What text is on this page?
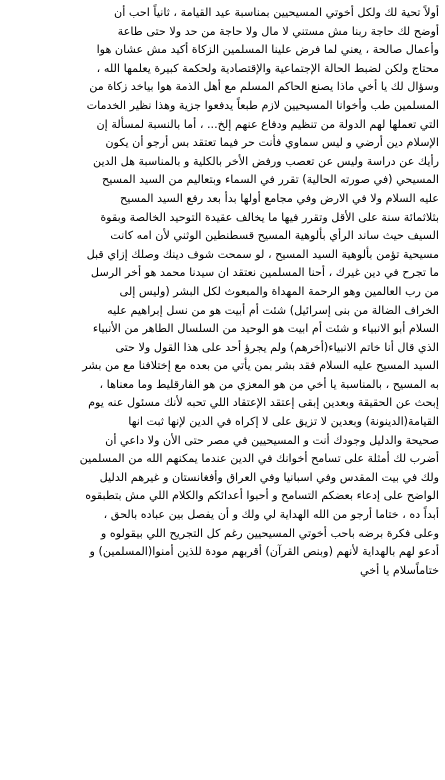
أولاً تحية لك ولكل أخوتي المسيحيين بمناسبة عيد القيامة ، ثانياً احب أن
أوضح لك حاجة ربنا مش مستني لا مال ولا حاجة من حد ولا حتى طاعة
وأعمال صالحة ، يعني لما فرض علينا المسلمين الزكاة أكيد مش عشان هوا
محتاج ولكن لضبط الحالة الإجتماعية والإقتصادية ولحكمة كبيرة يعلمها الله ،
وسؤال لك يا أخي ماذا يصنع الحاكم المسلم مع أهل الذمة هوا بياخد زكاة من
المسلمين طب وأخوانا المسيحيين لازم طبعاً يدفعوا جزية وهذا نظير الخدمات
التي تعملها لهم الدولة من تنظيم ودفاع عنهم إلخ... ، أما بالنسبة لمسألة إن
الإسلام دين أرضي و ليس سماوي فأنت حر فيما تعتقد بس أرجو أن يكون
رأيك عن دراسة وليس عن تعصب ورفض الأخر بالكلية و بالمناسبة هل الدين
المسيحي (في صورته الحالية) تقرر في السماء وبتعاليم من السيد المسيح
عليه السلام ولا في الارض وفي مجامع أولها بدأ بعد رفع السيد المسيح
بثلاثمائة سنة على الأقل وتقرر فيها ما يخالف عقيدة التوحيد الخالصة وبقوة
السيف حيث ساند الرأي بألوهية المسيح قسطنطين الوثني لأن امه كانت
مسيحية تؤمن بألوهية السيد المسيح ، لو سمحت شوف دينك وصلك إزاي قبل
ما تجرح في دين غيرك ، أحنا المسلمين نعتقد ان سيدنا محمد هو أخر الرسل
من رب العالمين وهو الرحمة المهداة والمبعوث لكل البشر (وليس إلى
الخراف الضالة من بنى إسرائيل) شئت أم أبيت هو من نسل إبراهيم عليه
السلام أبو الانبياء و شئت أم ابيت هو الوحيد من السلسال الطاهر من الأنبياء
الذي قال أنا خاتم الانبياء(أخرهم) ولم يجرؤ أحد على هذا القول ولا حتى
السيد المسيح عليه السلام فقد بشر بمن يأتي من بعده مع إختلافنا مع من بشر
به المسيح ، بالمناسبة يا أخي من هو المعزي من هو الفارقليط وما معناها ،
إبحث عن الحقيقة وبعدين إبقى إعتقد الإعتقاد اللي تحبه لأنك مسئول عنه يوم
القيامة(الدينونة) وبعدين لا تزيق على لا إكراه في الدين لإنها ثبت انها
صحيحة والدليل وجودك أنت و المسيحيين في مصر حتى الأن ولا داعي أن
أضرب لك أمثلة على تسامح أخوانك في الدين عندما يمكنهم الله من المسلمين
ولك في بيت المقدس وفي اسبانيا وفي العراق وأفغانستان و غيرهم الدليل
الواضح على إدعاء بعضكم التسامح و أحبوا أعدائكم والكلام اللي مش بتطبقوه
أبداً ده ، ختاما أرجو من الله الهداية لي ولك و أن يفصل بين عباده بالحق ،
وعلى فكرة برضه باحب أخوتي المسيحيين رغم كل التجريح اللي بيقولوه و
أدعو لهم بالهداية لأنهم (وبنص القرآن) أقربهم مودة للذين أمنوا(المسلمين) و
ختاماًسلام يا أخي
